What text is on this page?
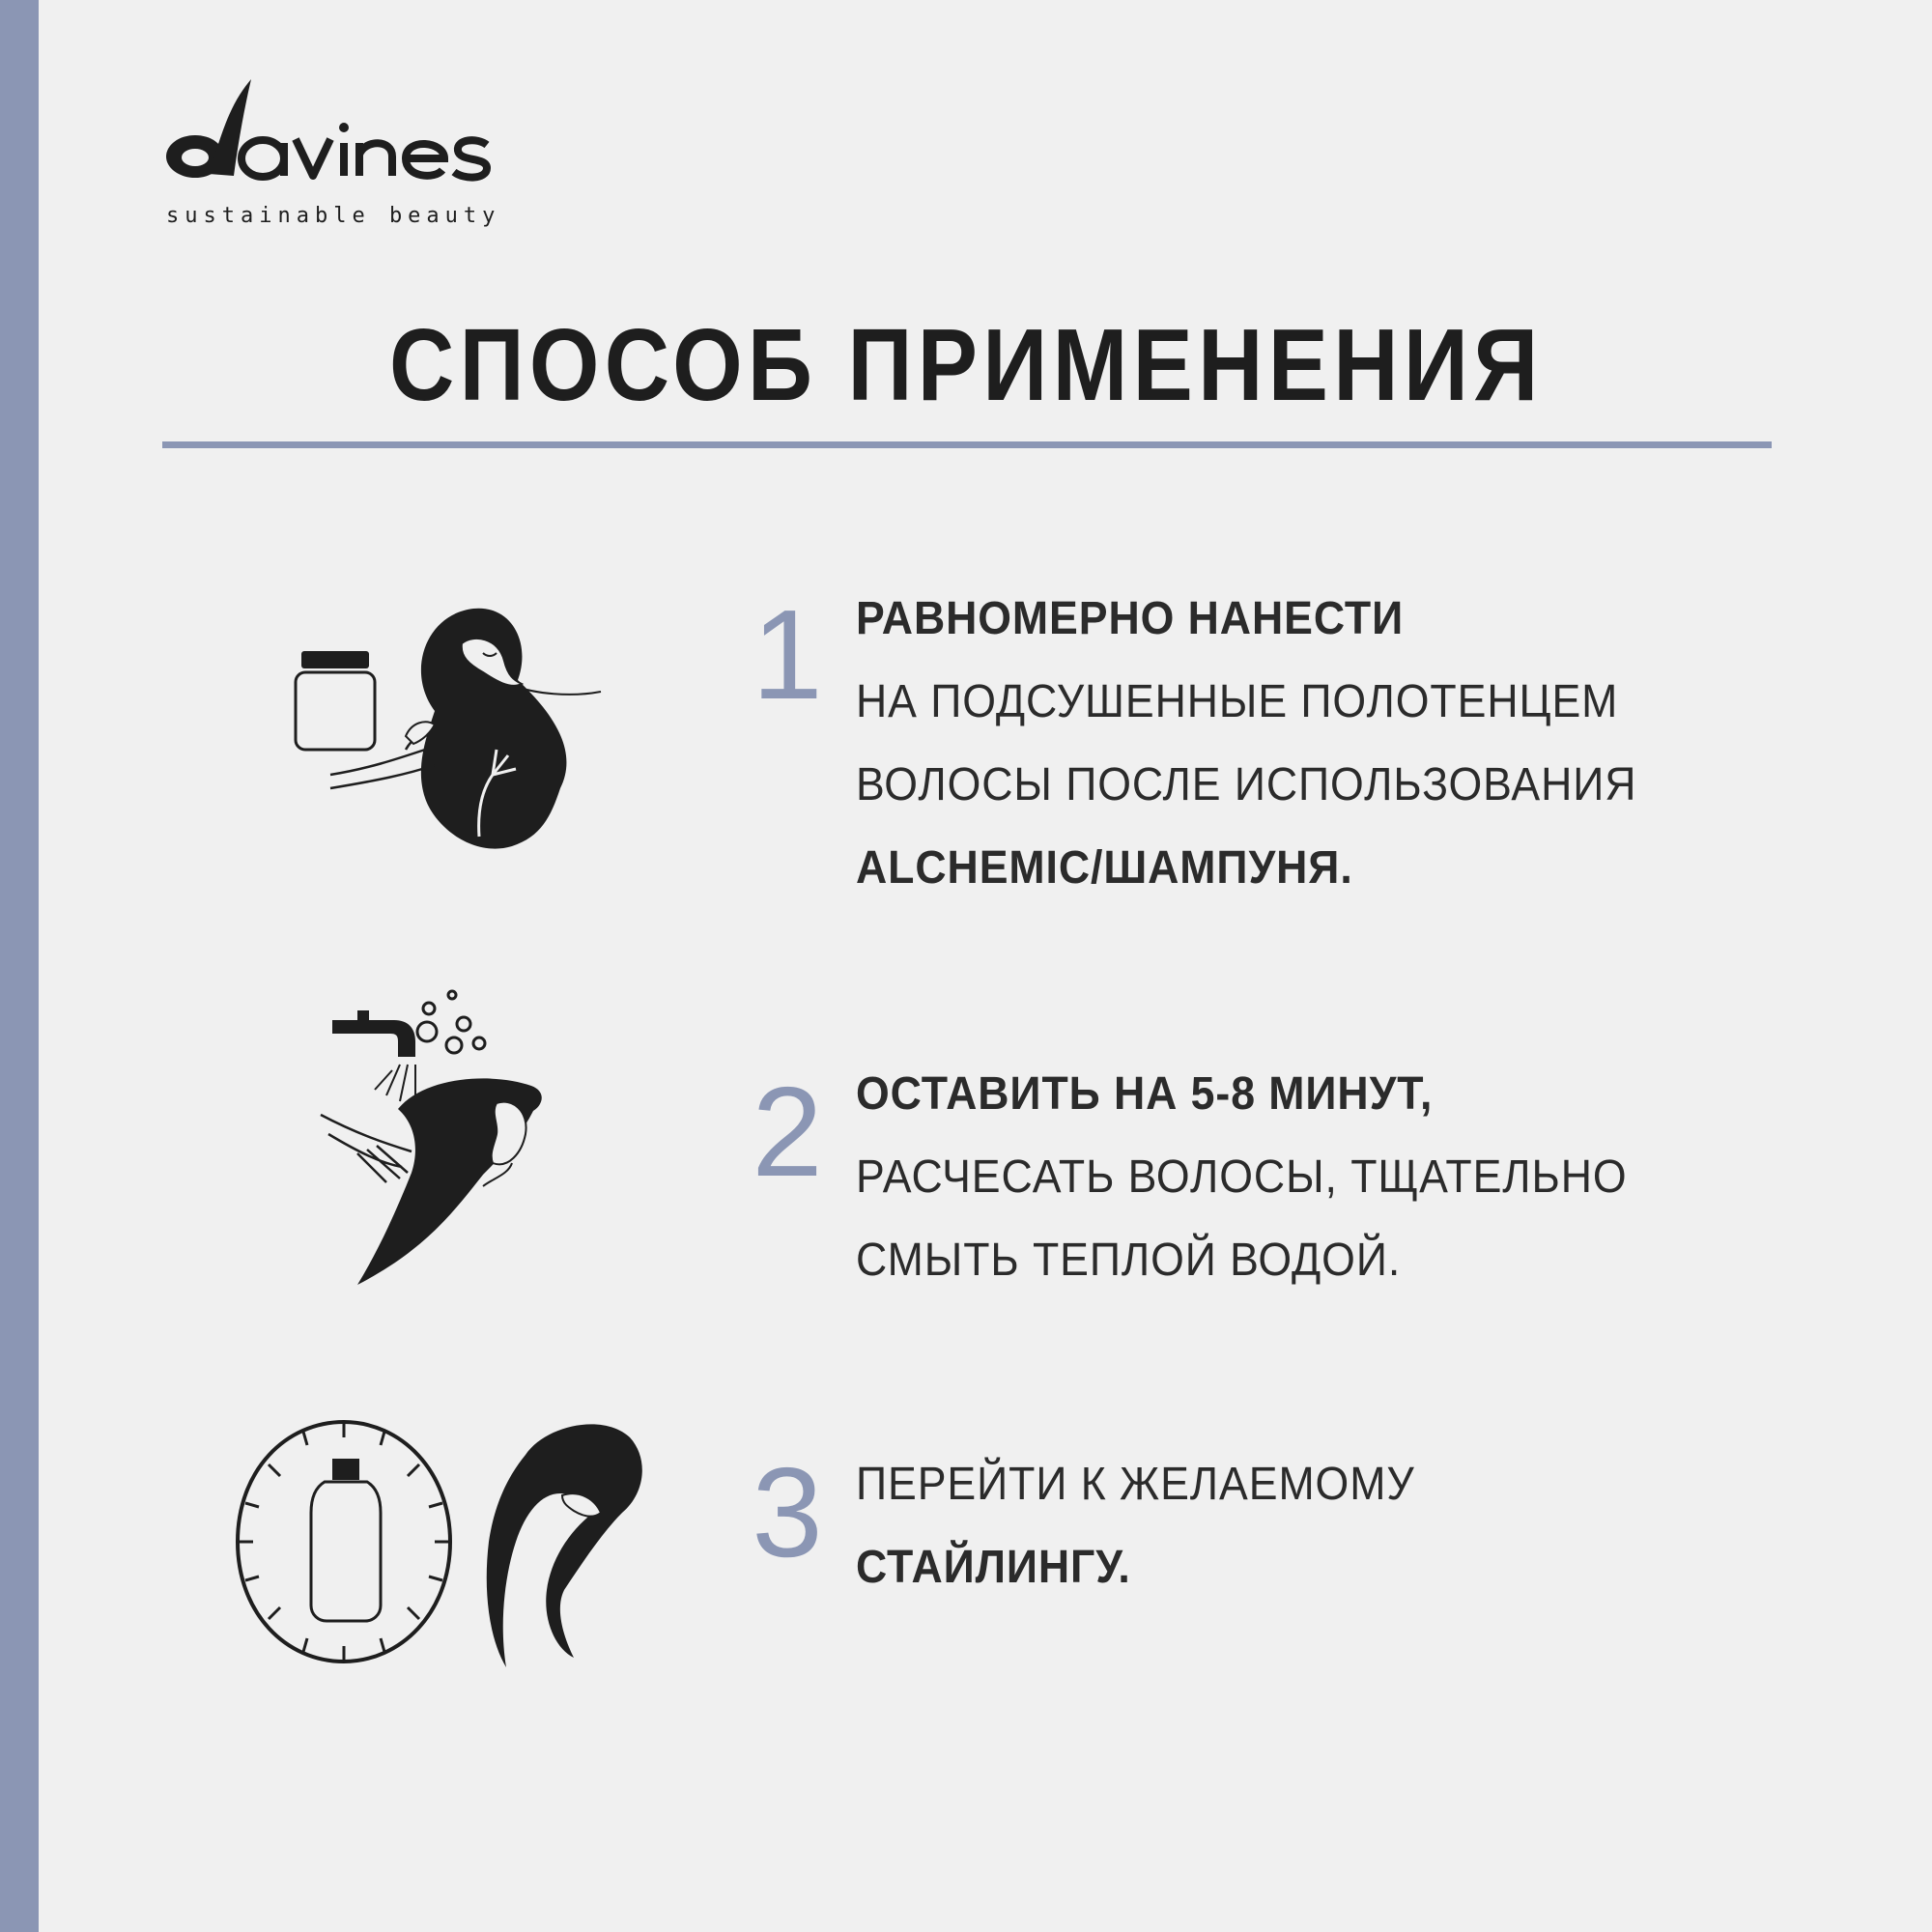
sustainable beauty
СПОСОБ ПРИМЕНЕНИЯ
1 РАВНОМЕРНО НАНЕСТИ
НА ПОДСУШЕННЫЕ ПОЛОТЕНЦЕМ
ВОЛОСЫ ПОСЛЕ ИСПОЛЬЗОВАНИЯ
ALCHEMIC/ШАМПУНЯ.
2 ОСТАВИТЬ НА 5-8 МИНУТ,
РАСЧЕСАТЬ ВОЛОСЫ, ТЩАТЕЛЬНО
СМЫТЬ ТЕПЛОЙ ВОДОЙ.
3 ПЕРЕЙТИ К ЖЕЛАЕМОМУ
СТАЙЛИНГУ.
